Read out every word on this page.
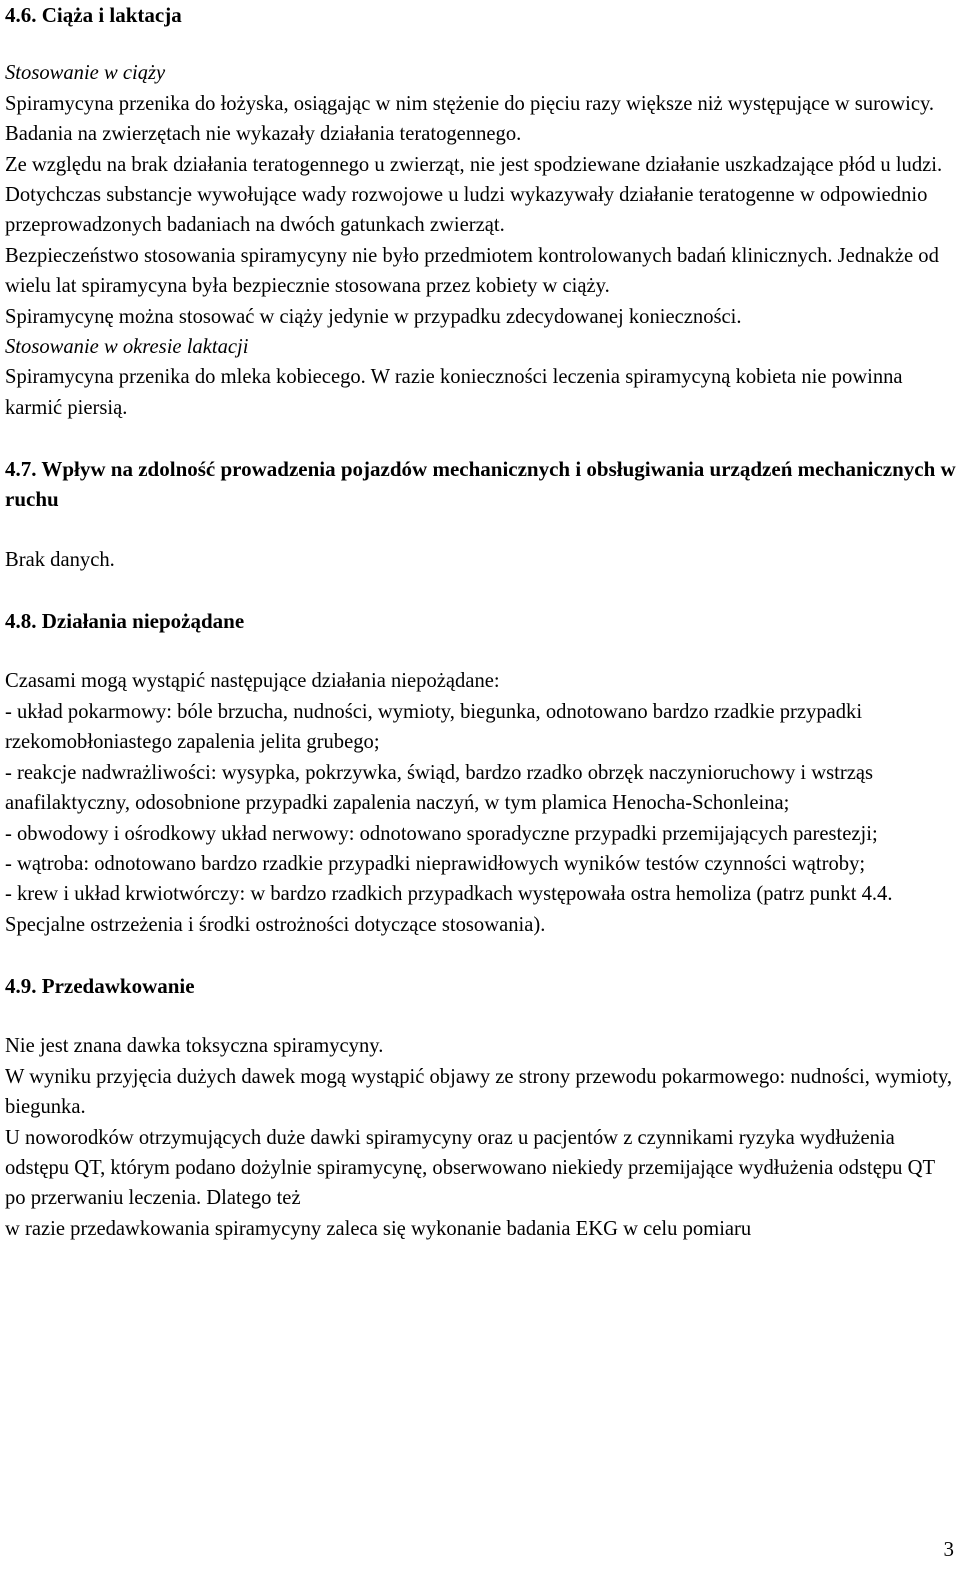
4.6. Ciąża i laktacja

Stosowanie w ciąży

Spiramycyna przenika do łożyska, osiągając w nim stężenie do pięciu razy większe niż występujące w surowicy.

Badania na zwierzętach nie wykazały działania teratogennego.

Ze względu na brak działania teratogennego u zwierząt, nie jest spodziewane działanie uszkadzające płód u ludzi. Dotychczas substancje wywołujące wady rozwojowe u ludzi wykazywały działanie teratogenne w odpowiednio przeprowadzonych badaniach na dwóch gatunkach zwierząt.

Bezpieczeństwo stosowania spiramycyny nie było przedmiotem kontrolowanych badań klinicznych. Jednakże od wielu lat spiramycyna była bezpiecznie stosowana przez kobiety w ciąży.

Spiramycynę można stosować w ciąży jedynie w przypadku zdecydowanej konieczności.

Stosowanie w okresie laktacji

Spiramycyna przenika do mleka kobiecego. W razie konieczności leczenia spiramycyną kobieta nie powinna karmić piersią.

4.7. Wpływ na zdolność prowadzenia pojazdów mechanicznych i obsługiwania urządzeń mechanicznych w ruchu

Brak danych.

4.8. Działania niepożądane

Czasami mogą wystąpić następujące działania niepożądane:

- układ pokarmowy: bóle brzucha, nudności, wymioty, biegunka, odnotowano bardzo rzadkie przypadki rzekomobłoniastego zapalenia jelita grubego;

- reakcje nadwrażliwości: wysypka, pokrzywka, świąd, bardzo rzadko obrzęk naczynioruchowy i wstrząs anafilaktyczny, odosobnione przypadki zapalenia naczyń, w tym plamica Henocha-Schonleina;

- obwodowy i ośrodkowy układ nerwowy: odnotowano sporadyczne przypadki przemijających parestezji;

- wątroba: odnotowano bardzo rzadkie przypadki nieprawidłowych wyników testów czynności wątroby;

- krew i układ krwiotwórczy: w bardzo rzadkich przypadkach występowała ostra hemoliza (patrz punkt 4.4. Specjalne ostrzeżenia i środki ostrożności dotyczące stosowania).

4.9. Przedawkowanie

Nie jest znana dawka toksyczna spiramycyny.

W wyniku przyjęcia dużych dawek mogą wystąpić objawy ze strony przewodu pokarmowego: nudności, wymioty, biegunka.

U noworodków otrzymujących duże dawki spiramycyny oraz u pacjentów z czynnikami ryzyka wydłużenia odstępu QT, którym podano dożylnie spiramycynę, obserwowano niekiedy przemijające wydłużenia odstępu QT po przerwaniu leczenia. Dlatego też

w razie przedawkowania spiramycyny zaleca się wykonanie badania EKG w celu pomiaru

3
